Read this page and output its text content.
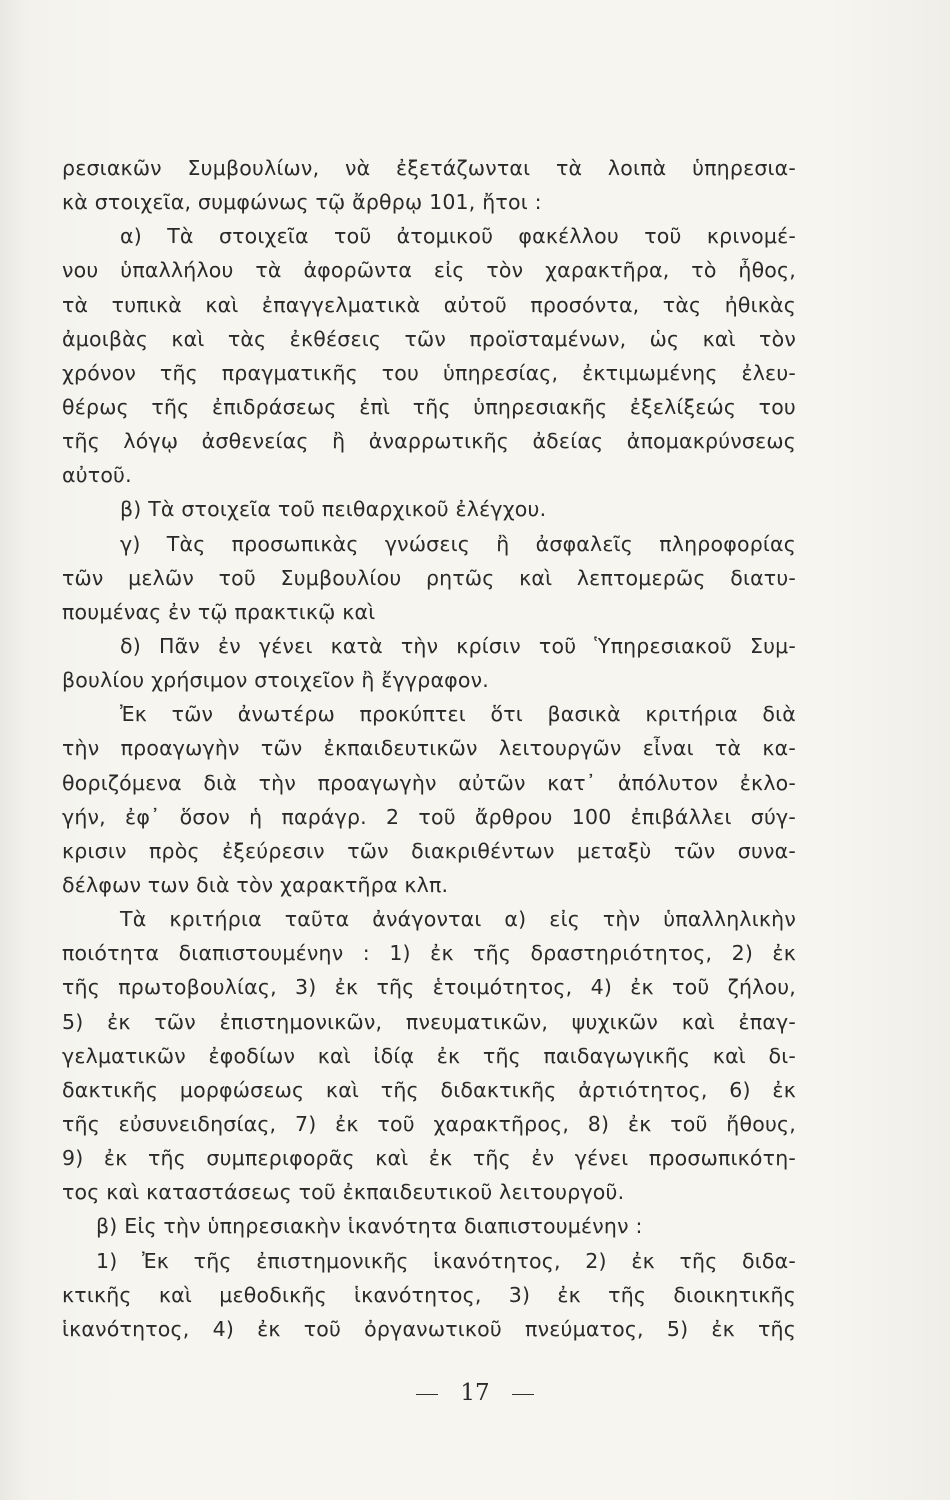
ρεσιακῶν Συμβουλίων, νὰ ἐξετάζωνται τὰ λοιπὰ ὑπηρεσια-
κὰ στοιχεῖα, συμφώνως τῷ ἄρθρῳ 101, ἤτοι :
α) Τὰ στοιχεῖα τοῦ ἀτομικοῦ φακέλλου τοῦ κρινομέ-
νου ὑπαλλήλου τὰ ἀφορῶντα εἰς τὸν χαρακτῆρα, τὸ ἦθος,
τὰ τυπικὰ καὶ ἐπαγγελματικὰ αὐτοῦ προσόντα, τὰς ἠθικὰς
ἀμοιβὰς καὶ τὰς ἐκθέσεις τῶν προϊσταμένων, ὡς καὶ τὸν
χρόνον τῆς πραγματικῆς του ὑπηρεσίας, ἐκτιμωμένης ἐλευ-
θέρως τῆς ἐπιδράσεως ἐπὶ τῆς ὑπηρεσιακῆς ἐξελίξεώς του
τῆς λόγῳ ἀσθενείας ἢ ἀναρρωτικῆς ἀδείας ἀπομακρύνσεως
αὐτοῦ.
β) Τὰ στοιχεῖα τοῦ πειθαρχικοῦ ἐλέγχου.
γ) Τὰς προσωπικὰς γνώσεις ἢ ἀσφαλεῖς πληροφορίας
τῶν μελῶν τοῦ Συμβουλίου ρητῶς καὶ λεπτομερῶς διατυ-
πουμένας ἐν τῷ πρακτικῷ καὶ
δ) Πᾶν ἐν γένει κατὰ τὴν κρίσιν τοῦ Ὑπηρεσιακοῦ Συμ-
βουλίου χρήσιμον στοιχεῖον ἢ ἔγγραφον.
Ἐκ τῶν ἀνωτέρω προκύπτει ὅτι βασικὰ κριτήρια διὰ
τὴν προαγωγὴν τῶν ἐκπαιδευτικῶν λειτουργῶν εἶναι τὰ κα-
θοριζόμενα διὰ τὴν προαγωγὴν αὐτῶν κατ᾽ ἀπόλυτον ἐκλο-
γήν, ἐφ᾽ ὅσον ἡ παράγρ. 2 τοῦ ἄρθρου 100 ἐπιβάλλει σύγ-
κρισιν πρὸς ἐξεύρεσιν τῶν διακριθέντων μεταξὺ τῶν συνα-
δέλφων των διὰ τὸν χαρακτῆρα κλπ.
Τὰ κριτήρια ταῦτα ἀνάγονται α) εἰς τὴν ὑπαλληλικὴν
ποιότητα διαπιστουμένην : 1) ἐκ τῆς δραστηριότητος, 2) ἐκ
τῆς πρωτοβουλίας, 3) ἐκ τῆς ἑτοιμότητος, 4) ἐκ τοῦ ζήλου,
5) ἐκ τῶν ἐπιστημονικῶν, πνευματικῶν, ψυχικῶν καὶ ἐπαγ-
γελματικῶν ἐφοδίων καὶ ἰδίᾳ ἐκ τῆς παιδαγωγικῆς καὶ δι-
δακτικῆς μορφώσεως καὶ τῆς διδακτικῆς ἀρτιότητος, 6) ἐκ
τῆς εὐσυνειδησίας, 7) ἐκ τοῦ χαρακτῆρος, 8) ἐκ τοῦ ἤθους,
9) ἐκ τῆς συμπεριφορᾶς καὶ ἐκ τῆς ἐν γένει προσωπικότη-
τος καὶ καταστάσεως τοῦ ἐκπαιδευτικοῦ λειτουργοῦ.
β) Εἰς τὴν ὑπηρεσιακὴν ἱκανότητα διαπιστουμένην :
1) Ἐκ τῆς ἐπιστημονικῆς ἱκανότητος, 2) ἐκ τῆς διδα-
κτικῆς καὶ μεθοδικῆς ἱκανότητος, 3) ἐκ τῆς διοικητικῆς
ἱκανότητος, 4) ἐκ τοῦ ὀργανωτικοῦ πνεύματος, 5) ἐκ τῆς
17
